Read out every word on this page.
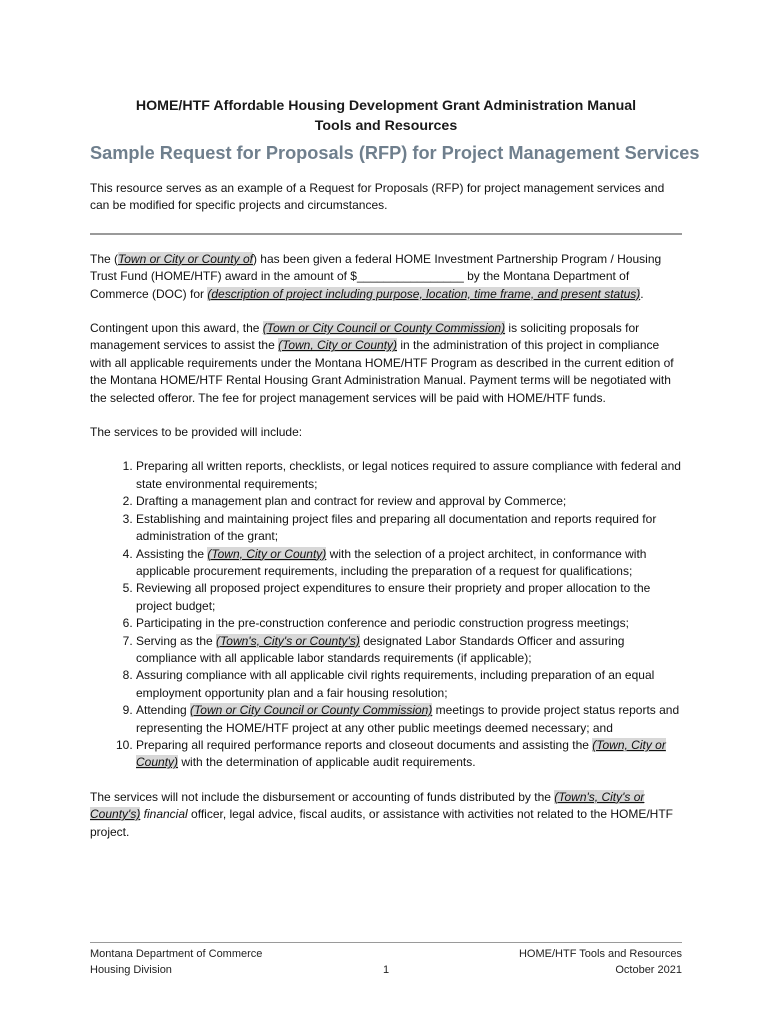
HOME/HTF Affordable Housing Development Grant Administration Manual
Tools and Resources
Sample Request for Proposals (RFP) for Project Management Services

This resource serves as an example of a Request for Proposals (RFP) for project management services and can be modified for specific projects and circumstances.

The (Town or City or County of) has been given a federal HOME Investment Partnership Program / Housing Trust Fund (HOME/HTF) award in the amount of $________________ by the Montana Department of Commerce (DOC) for (description of project including purpose, location, time frame, and present status).

Contingent upon this award, the (Town or City Council or County Commission) is soliciting proposals for management services to assist the (Town, City or County) in the administration of this project in compliance with all applicable requirements under the Montana HOME/HTF Program as described in the current edition of the Montana HOME/HTF Rental Housing Grant Administration Manual. Payment terms will be negotiated with the selected offeror. The fee for project management services will be paid with HOME/HTF funds.

The services to be provided will include:

1. Preparing all written reports, checklists, or legal notices required to assure compliance with federal and state environmental requirements;
2. Drafting a management plan and contract for review and approval by Commerce;
3. Establishing and maintaining project files and preparing all documentation and reports required for administration of the grant;
4. Assisting the (Town, City or County) with the selection of a project architect, in conformance with applicable procurement requirements, including the preparation of a request for qualifications;
5. Reviewing all proposed project expenditures to ensure their propriety and proper allocation to the project budget;
6. Participating in the pre-construction conference and periodic construction progress meetings;
7. Serving as the (Town's, City's or County's) designated Labor Standards Officer and assuring compliance with all applicable labor standards requirements (if applicable);
8. Assuring compliance with all applicable civil rights requirements, including preparation of an equal employment opportunity plan and a fair housing resolution;
9. Attending (Town or City Council or County Commission) meetings to provide project status reports and representing the HOME/HTF project at any other public meetings deemed necessary; and
10. Preparing all required performance reports and closeout documents and assisting the (Town, City or County) with the determination of applicable audit requirements.

The services will not include the disbursement or accounting of funds distributed by the (Town's, City's or County's) financial officer, legal advice, fiscal audits, or assistance with activities not related to the HOME/HTF project.

Montana Department of Commerce
Housing Division	1
HOME/HTF Tools and Resources
October 2021
